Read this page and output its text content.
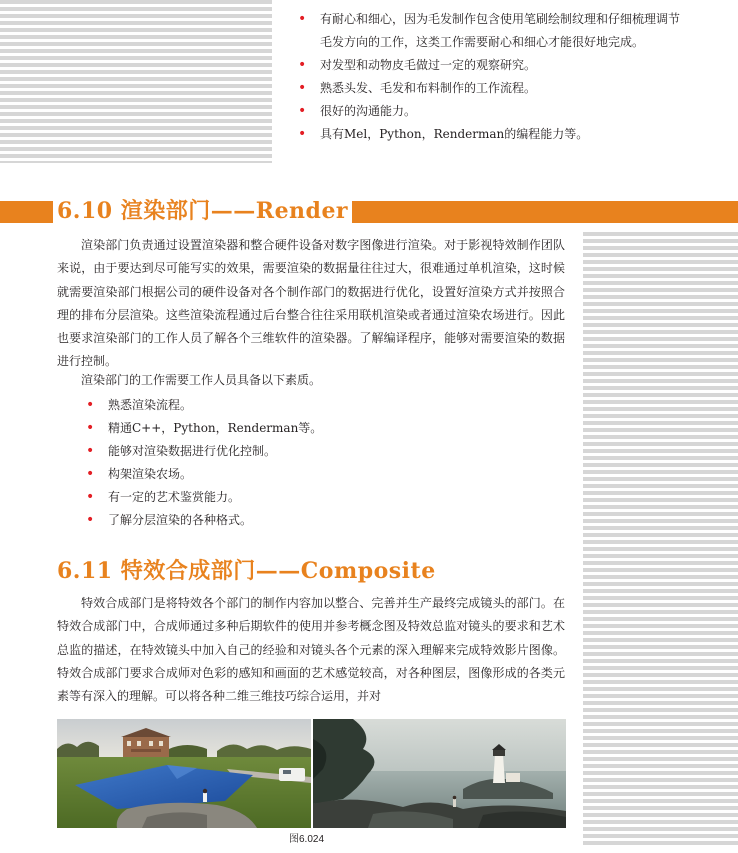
• 有耐心和细心，因为毛发制作包含使用笔刷绘制纹理和仔细梳理调节毛发方向的工作，这类工作需要耐心和细心才能很好地完成。
• 对发型和动物皮毛做过一定的观察研究。
• 熟悉头发、毛发和布料制作的工作流程。
• 很好的沟通能力。
• 具有Mel，Python，Renderman的编程能力等。
6.10 渲染部门——Render

渲染部门负责通过设置渲染器和整合硬件设备对数字图像进行渲染。对于影视特效制作团队来说，由于要达到尽可能写实的效果，需要渲染的数据量往往过大，很难通过单机渲染，这时候就需要渲染部门根据公司的硬件设备对各个制作部门的数据进行优化，设置好渲染方式并按照合理的排布分层渲染。这些渲染流程通过后台整合往往采用联机渲染或者通过渲染农场进行。因此也要求渲染部门的工作人员了解各个三维软件的渲染器。了解编译程序，能够对需要渲染的数据进行控制。

渲染部门的工作需要工作人员具备以下素质。
• 熟悉渲染流程。
• 精通C++，Python，Renderman等。
• 能够对渲染数据进行优化控制。
• 构架渲染农场。
• 有一定的艺术鉴赏能力。
• 了解分层渲染的各种格式。
6.11 特效合成部门——Composite

特效合成部门是将特效各个部门的制作内容加以整合、完善并生产最终完成镜头的部门。在特效合成部门中，合成师通过多种后期软件的使用并参考概念图及特效总监对镜头的要求和艺术总监的描述，在特效镜头中加入自己的经验和对镜头各个元素的深入理解来完成特效影片图像。特效合成部门要求合成师对色彩的感知和画面的艺术感觉较高，对各种图层，图像形成的各类元素等有深入的理解。可以将各种二维三维技巧综合运用，并对

图6.024
